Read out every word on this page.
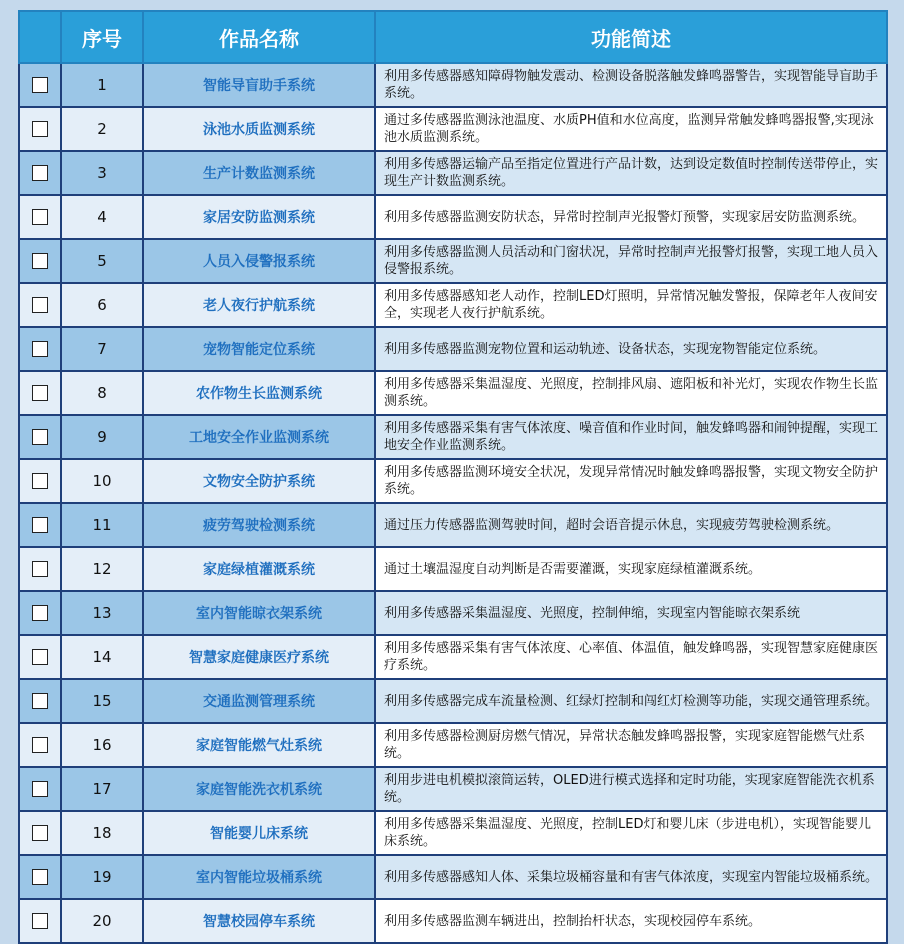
	序号	作品名称	功能简述
	1	智能导盲助手系统	利用多传感器感知障碍物触发震动、检测设备脱落触发蜂鸣器警告，实现智能导盲助手系统。
	2	泳池水质监测系统	通过多传感器监测泳池温度、水质PH值和水位高度，监测异常触发蜂鸣器报警,实现泳池水质监测系统。
	3	生产计数监测系统	利用多传感器运输产品至指定位置进行产品计数，达到设定数值时控制传送带停止，实现生产计数监测系统。
	4	家居安防监测系统	利用多传感器监测安防状态，异常时控制声光报警灯预警，实现家居安防监测系统。
	5	人员入侵警报系统	利用多传感器监测人员活动和门窗状况，异常时控制声光报警灯报警，实现工地人员入侵警报系统。
	6	老人夜行护航系统	利用多传感器感知老人动作，控制LED灯照明，异常情况触发警报，保障老年人夜间安全，实现老人夜行护航系统。
	7	宠物智能定位系统	利用多传感器监测宠物位置和运动轨迹、设备状态，实现宠物智能定位系统。
	8	农作物生长监测系统	利用多传感器采集温湿度、光照度，控制排风扇、遮阳板和补光灯，实现农作物生长监测系统。
	9	工地安全作业监测系统	利用多传感器采集有害气体浓度、噪音值和作业时间，触发蜂鸣器和闹钟提醒，实现工地安全作业监测系统。
	10	文物安全防护系统	利用多传感器监测环境安全状况，发现异常情况时触发蜂鸣器报警，实现文物安全防护系统。
	11	疲劳驾驶检测系统	通过压力传感器监测驾驶时间，超时会语音提示休息，实现疲劳驾驶检测系统。
	12	家庭绿植灌溉系统	通过土壤温湿度自动判断是否需要灌溉，实现家庭绿植灌溉系统。
	13	室内智能晾衣架系统	利用多传感器采集温湿度、光照度，控制伸缩，实现室内智能晾衣架系统
	14	智慧家庭健康医疗系统	利用多传感器采集有害气体浓度、心率值、体温值，触发蜂鸣器，实现智慧家庭健康医疗系统。
	15	交通监测管理系统	利用多传感器完成车流量检测、红绿灯控制和闯红灯检测等功能，实现交通管理系统。
	16	家庭智能燃气灶系统	利用多传感器检测厨房燃气情况，异常状态触发蜂鸣器报警，实现家庭智能燃气灶系统。
	17	家庭智能洗衣机系统	利用步进电机模拟滚筒运转，OLED进行模式选择和定时功能，实现家庭智能洗衣机系统。
	18	智能婴儿床系统	利用多传感器采集温湿度、光照度，控制LED灯和婴儿床（步进电机），实现智能婴儿床系统。
	19	室内智能垃圾桶系统	利用多传感器感知人体、采集垃圾桶容量和有害气体浓度，实现室内智能垃圾桶系统。
	20	智慧校园停车系统	利用多传感器监测车辆进出，控制抬杆状态，实现校园停车系统。
